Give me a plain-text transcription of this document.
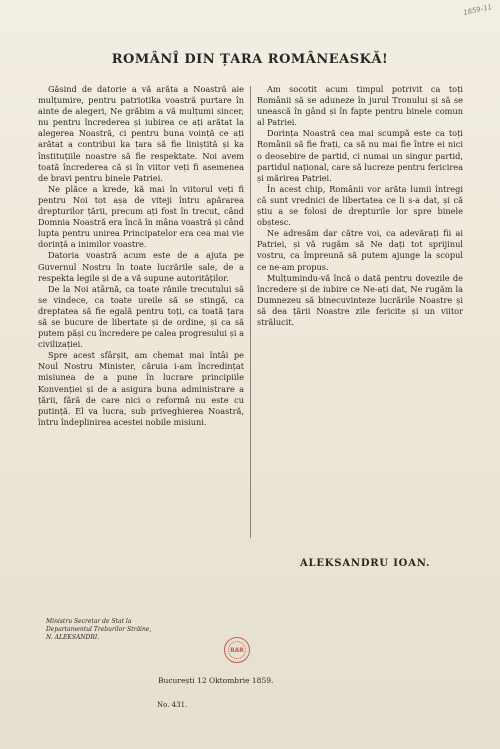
1859-11
ROMÂNÎ DIN ȚARA ROMÂNEASKĂ!

Găsind de datorie a vă arăta a Noastră aie mulțumire, pentru patriotika voastră purtare în ainte de alegeri, Ne grăbim a vă mulțumi sincer, nu pentru încrederea și iubirea ce ați arătat la alegerea Noastră, ci pentru buna voință ce ați arătat a contribui ka țara să fie liniștită și ka înstituțiile noastre să fie respektate. Noi avem toată încrederea că și în viitor veți fi asemenea de bravi pentru binele Patriei.

Ne plăce a krede, kă mai în viitorul veți fi pentru Noi tot așa de viteji întru apărarea drepturilor țării, precum ați fost în trecut, când Domnia Noastră era încă în mâna voastră și când lupta pentru unirea Principatelor era cea mai vie dorință a inimilor voastre.

Datoria voastră acum este de a ajuta pe Guvernul Nostru în toate lucrările sale, de a respekta legile și de a vă supune autorităților.

De la Noi atârnă, ca toate rănile trecutului să se vindece, ca toate ureile să se stingă, ca dreptatea să fie egală pentru toți, ca toată țara să se bucure de libertate și de ordine, și ca să putem păși cu încredere pe calea progresului și a civilizației.

Spre acest sfârșit, am chemat mai întâi pe Noul Nostru Minister, căruia i-am încredințat misiunea de a pune în lucrare principiile Konvenției și de a asigura buna administrare a țării, fără de care nici o reformă nu este cu putință. El va lucra, sub priveghierea Noastră, întru îndeplinirea acestei nobile misiuni.

Am socotit acum timpul potrivit ca toți Românii să se aduneze în jurul Tronului și să se unească în gând și în fapte pentru binele comun al Patriei.

Dorința Noastră cea mai scumpă este ca toți Românii să fie frați, ca să nu mai fie între ei nici o deosebire de partid, ci numai un singur partid, partidul național, care să lucreze pentru fericirea și mărirea Patriei.

În acest chip, Românii vor arăta lumii întregi că sunt vrednici de libertatea ce li s-a dat, și că știu a se folosi de drepturile lor spre binele obștesc.

Ne adresăm dar către voi, ca adevărați fii ai Patriei, și vă rugăm să Ne dați tot sprijinul vostru, ca împreună să putem ajunge la scopul ce ne-am propus.

Mulțumindu-vă încă o dată pentru dovezile de încredere și de iubire ce Ne-ați dat, Ne rugăm la Dumnezeu să binecuvinteze lucrările Noastre și să dea țării Noastre zile fericite și un viitor strălucit.

ALEKSANDRU IOAN.
Ministru Secretar de Stat la
Departamentul Treburilor Străine,
N. ALEKSANDRI.
BAR
București 12 Oktombrie 1859.
No. 431.
